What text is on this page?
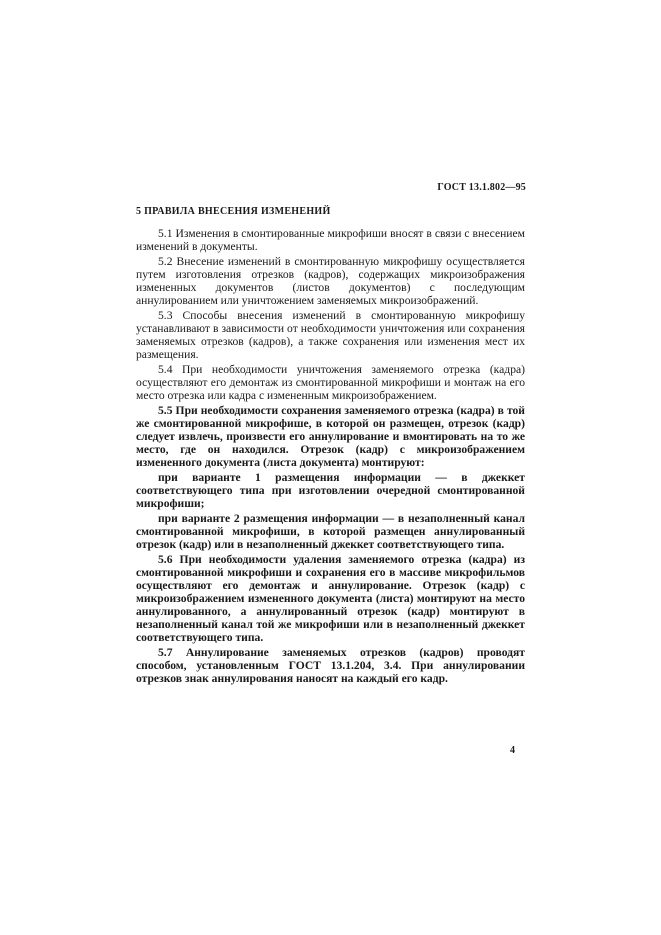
ГОСТ 13.1.802—95
5 ПРАВИЛА ВНЕСЕНИЯ ИЗМЕНЕНИЙ

5.1 Изменения в смонтированные микрофиши вносят в связи с внесением изменений в документы.

5.2 Внесение изменений в смонтированную микрофишу осуществляется путем изготовления отрезков (кадров), содержащих микроизображения измененных документов (листов документов) с последующим аннулированием или уничтожением заменяемых микроизображений.

5.3 Способы внесения изменений в смонтированную микрофишу устанавливают в зависимости от необходимости уничтожения или сохранения заменяемых отрезков (кадров), а также сохранения или изменения мест их размещения.

5.4 При необходимости уничтожения заменяемого отрезка (кадра) осуществляют его демонтаж из смонтированной микрофиши и монтаж на его место отрезка или кадра с измененным микроизображением.

5.5 При необходимости сохранения заменяемого отрезка (кадра) в той же смонтированной микрофише, в которой он размещен, отрезок (кадр) следует извлечь, произвести его аннулирование и вмонтировать на то же место, где он находился. Отрезок (кадр) с микроизображением измененного документа (листа документа) монтируют:

при варианте 1 размещения информации — в джеккет соответствующего типа при изготовлении очередной смонтированной микрофиши;

при варианте 2 размещения информации — в незаполненный канал смонтированной микрофиши, в которой размещен аннулированный отрезок (кадр) или в незаполненный джеккет соответствующего типа.

5.6 При необходимости удаления заменяемого отрезка (кадра) из смонтированной микрофиши и сохранения его в массиве микрофильмов осуществляют его демонтаж и аннулирование. Отрезок (кадр) с микроизображением измененного документа (листа) монтируют на место аннулированного, а аннулированный отрезок (кадр) монтируют в незаполненный канал той же микрофиши или в незаполненный джеккет соответствующего типа.

5.7 Аннулирование заменяемых отрезков (кадров) проводят способом, установленным ГОСТ 13.1.204, 3.4. При аннулировании отрезков знак аннулирования наносят на каждый его кадр.

4
